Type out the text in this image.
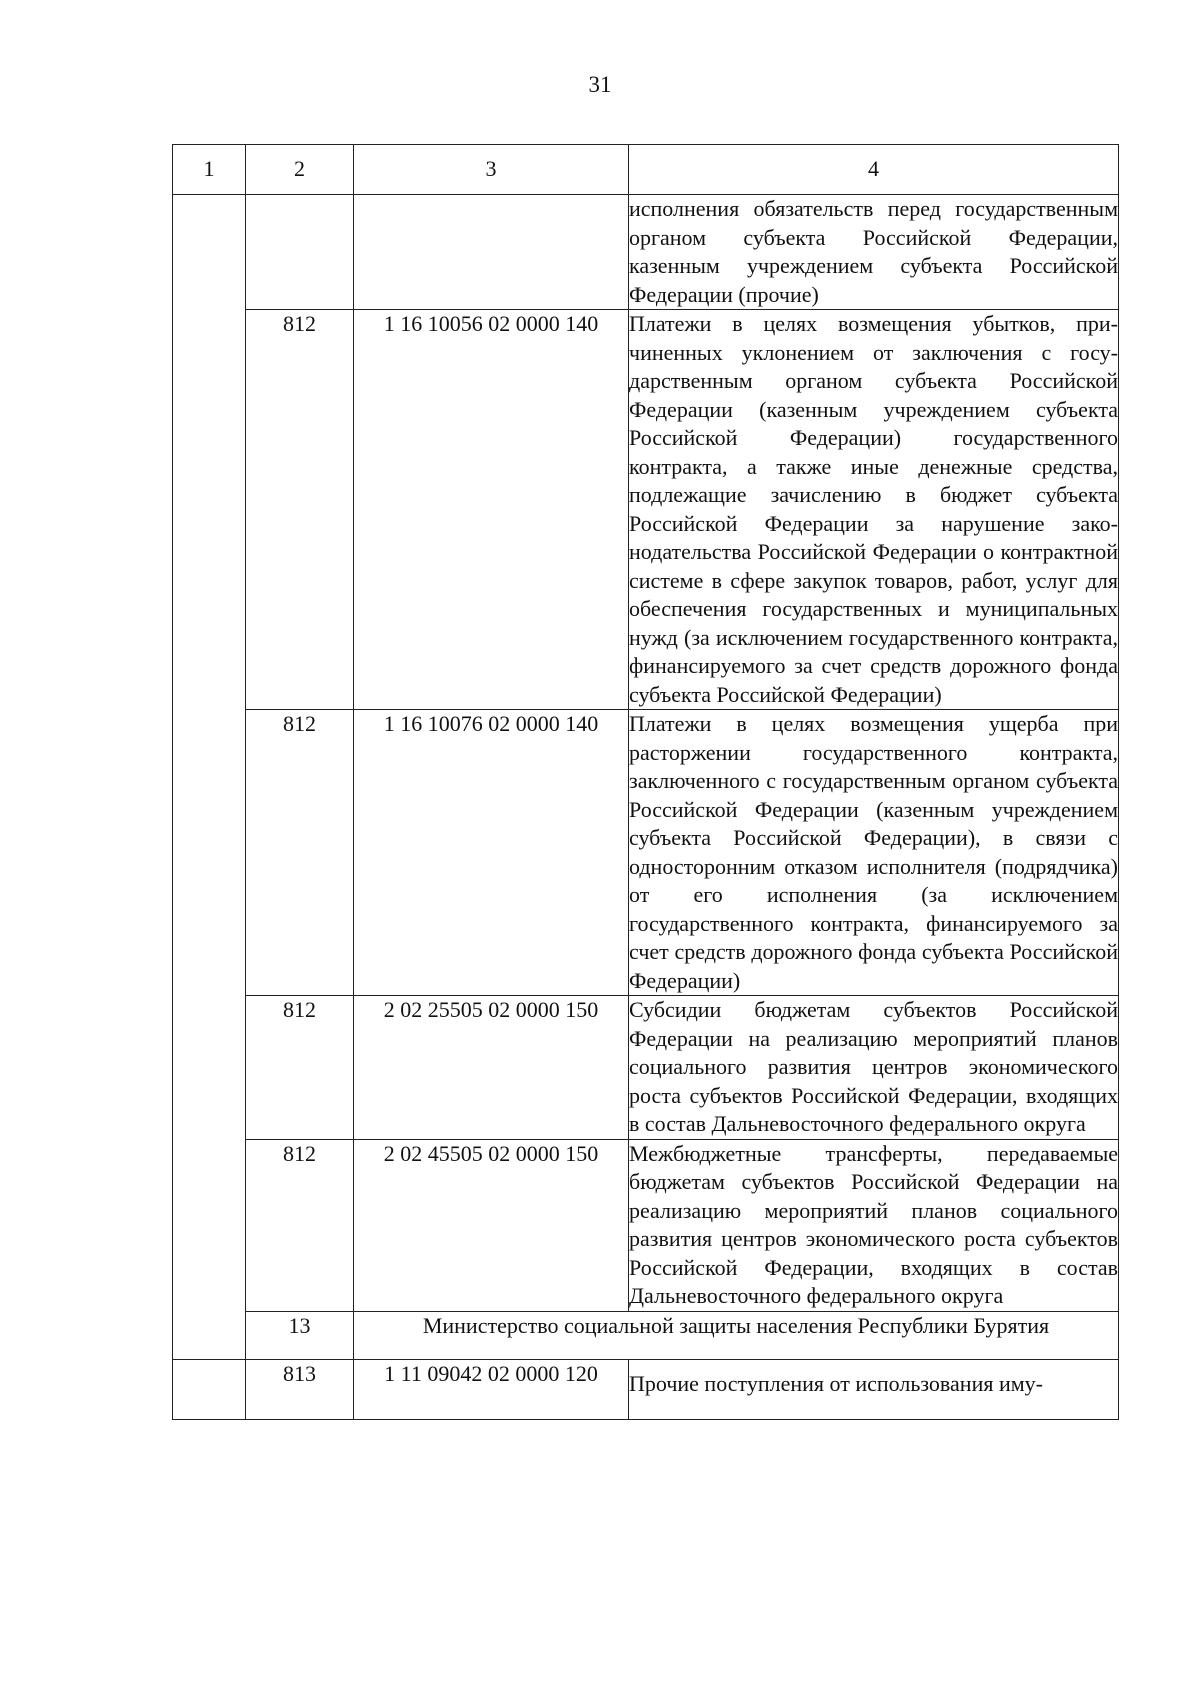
31
1	2	3	4
			исполнения обязательств перед государственным органом субъекта Российской Федерации, казенным учреждением субъекта Российской Федерации (прочие)
	812	1 16 10056 02 0000 140	Платежи в целях возмещения убытков, причиненных уклонением от заключения с государственным органом субъекта Российской Федерации (казенным учреждением субъекта Российской Федерации) государственного контракта, а также иные денежные средства, подлежащие зачислению в бюджет субъекта Российской Федерации за нарушение законодательства Российской Федерации о контрактной системе в сфере закупок товаров, работ, услуг для обеспечения государственных и муниципальных нужд (за исключением государственного контракта, финансируемого за счет средств дорожного фонда субъекта Российской Федерации)
	812	1 16 10076 02 0000 140	Платежи в целях возмещения ущерба при расторжении государственного контракта, заключенного с государственным органом субъекта Российской Федерации (казенным учреждением субъекта Российской Федерации), в связи с односторонним отказом исполнителя (подрядчика) от его исполнения (за исключением государственного контракта, финансируемого за счет средств дорожного фонда субъекта Российской Федерации)
	812	2 02 25505 02 0000 150	Субсидии бюджетам субъектов Российской Федерации на реализацию мероприятий планов социального развития центров экономического роста субъектов Российской Федерации, входящих в состав Дальневосточного федерального округа
	812	2 02 45505 02 0000 150	Межбюджетные трансферты, передаваемые бюджетам субъектов Российской Федерации на реализацию мероприятий планов социального развития центров экономического роста субъектов Российской Федерации, входящих в состав Дальневосточного федерального округа
	13	Министерство социальной защиты населения Республики Бурятия	
	813	1 11 09042 02 0000 120	Прочие поступления от использования иму-
